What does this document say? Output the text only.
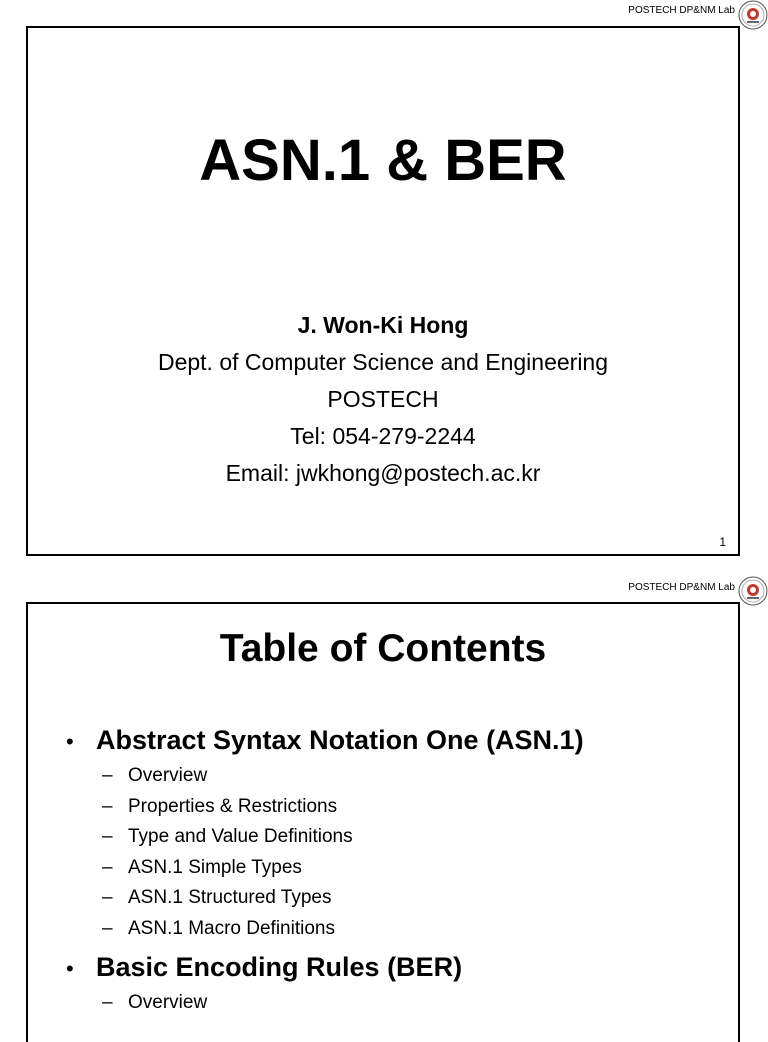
POSTECH DP&NM Lab
ASN.1 & BER
J. Won-Ki Hong
Dept. of Computer Science and Engineering
POSTECH
Tel: 054-279-2244
Email: jwkhong@postech.ac.kr
1
POSTECH DP&NM Lab
Table of Contents
• Abstract Syntax Notation One (ASN.1)
– Overview
– Properties & Restrictions
– Type and Value Definitions
– ASN.1 Simple Types
– ASN.1 Structured Types
– ASN.1 Macro Definitions
• Basic Encoding Rules (BER)
– Overview
